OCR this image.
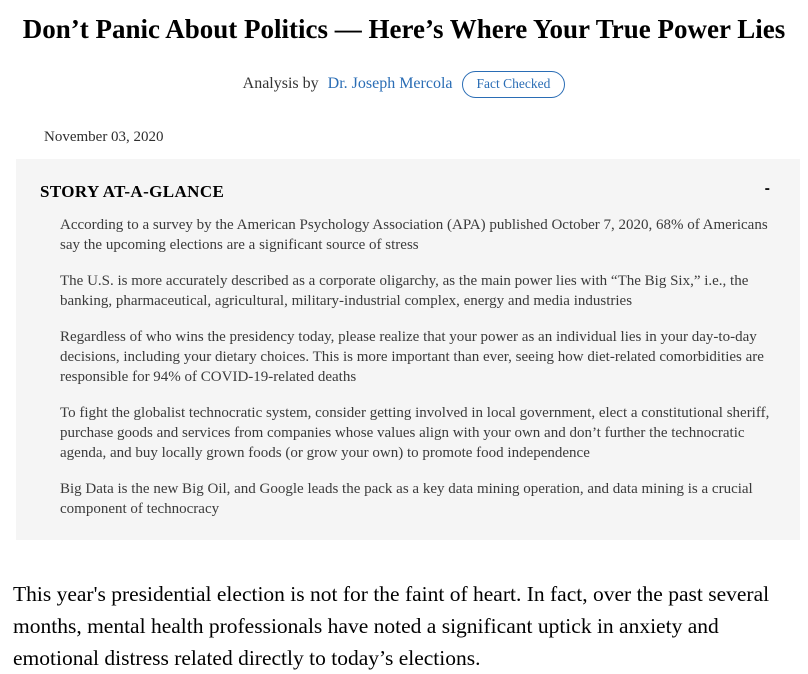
Don’t Panic About Politics — Here’s Where Your True Power Lies
Analysis by Dr. Joseph Mercola	Fact Checked
November 03, 2020
STORY AT-A-GLANCE	-

According to a survey by the American Psychology Association (APA) published October 7, 2020, 68% of Americans say the upcoming elections are a significant source of stress

The U.S. is more accurately described as a corporate oligarchy, as the main power lies with “The Big Six,” i.e., the banking, pharmaceutical, agricultural, military-industrial complex, energy and media industries

Regardless of who wins the presidency today, please realize that your power as an individual lies in your day-to-day decisions, including your dietary choices. This is more important than ever, seeing how diet-related comorbidities are responsible for 94% of COVID-19-related deaths

To fight the globalist technocratic system, consider getting involved in local government, elect a constitutional sheriff, purchase goods and services from companies whose values align with your own and don’t further the technocratic agenda, and buy locally grown foods (or grow your own) to promote food independence

Big Data is the new Big Oil, and Google leads the pack as a key data mining operation, and data mining is a crucial component of technocracy

This year's presidential election is not for the faint of heart. In fact, over the past several months, mental health professionals have noted a significant uptick in anxiety and emotional distress related directly to today’s elections.
